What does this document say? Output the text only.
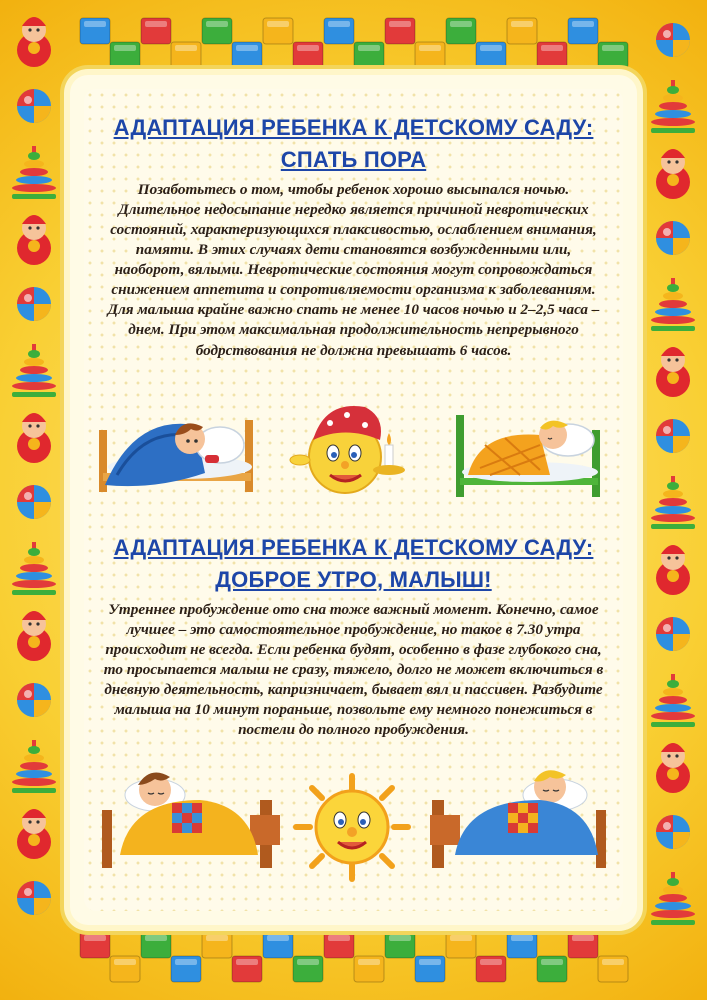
АДАПТАЦИЯ РЕБЕНКА К ДЕТСКОМУ САДУ:
СПАТЬ ПОРА
Позаботьтесь о том, чтобы ребенок хорошо высыпался ночью. Длительное недосыпание нередко является причиной невротических состояний, характеризующихся плаксивостью, ослаблением внимания, памяти. В этих случаях дети становятся возбужденными или, наоборот, вялыми. Невротические состояния могут сопровождаться снижением аппетита и сопротивляемости организма к заболеваниям. Для малыша крайне важно спать не менее 10 часов ночью и 2–2,5 часа – днем. При этом максимальная продолжительность непрерывного бодрствования не должна превышать 6 часов.
АДАПТАЦИЯ РЕБЕНКА К ДЕТСКОМУ САДУ:
ДОБРОЕ УТРО, МАЛЫШ!
Утреннее пробуждение ото сна тоже важный момент. Конечно, самое лучшее – это самостоятельное пробуждение, но такое в 7.30 утра происходит не всегда. Если ребенка будят, особенно в фазе глубокого сна, то просыпается малыш не сразу, тяжело, долго не может включиться в дневную деятельность, капризничает, бывает вял и пассивен. Разбудите малыша на 10 минут пораньше, позвольте ему немного понежиться в постели до полного пробуждения.
